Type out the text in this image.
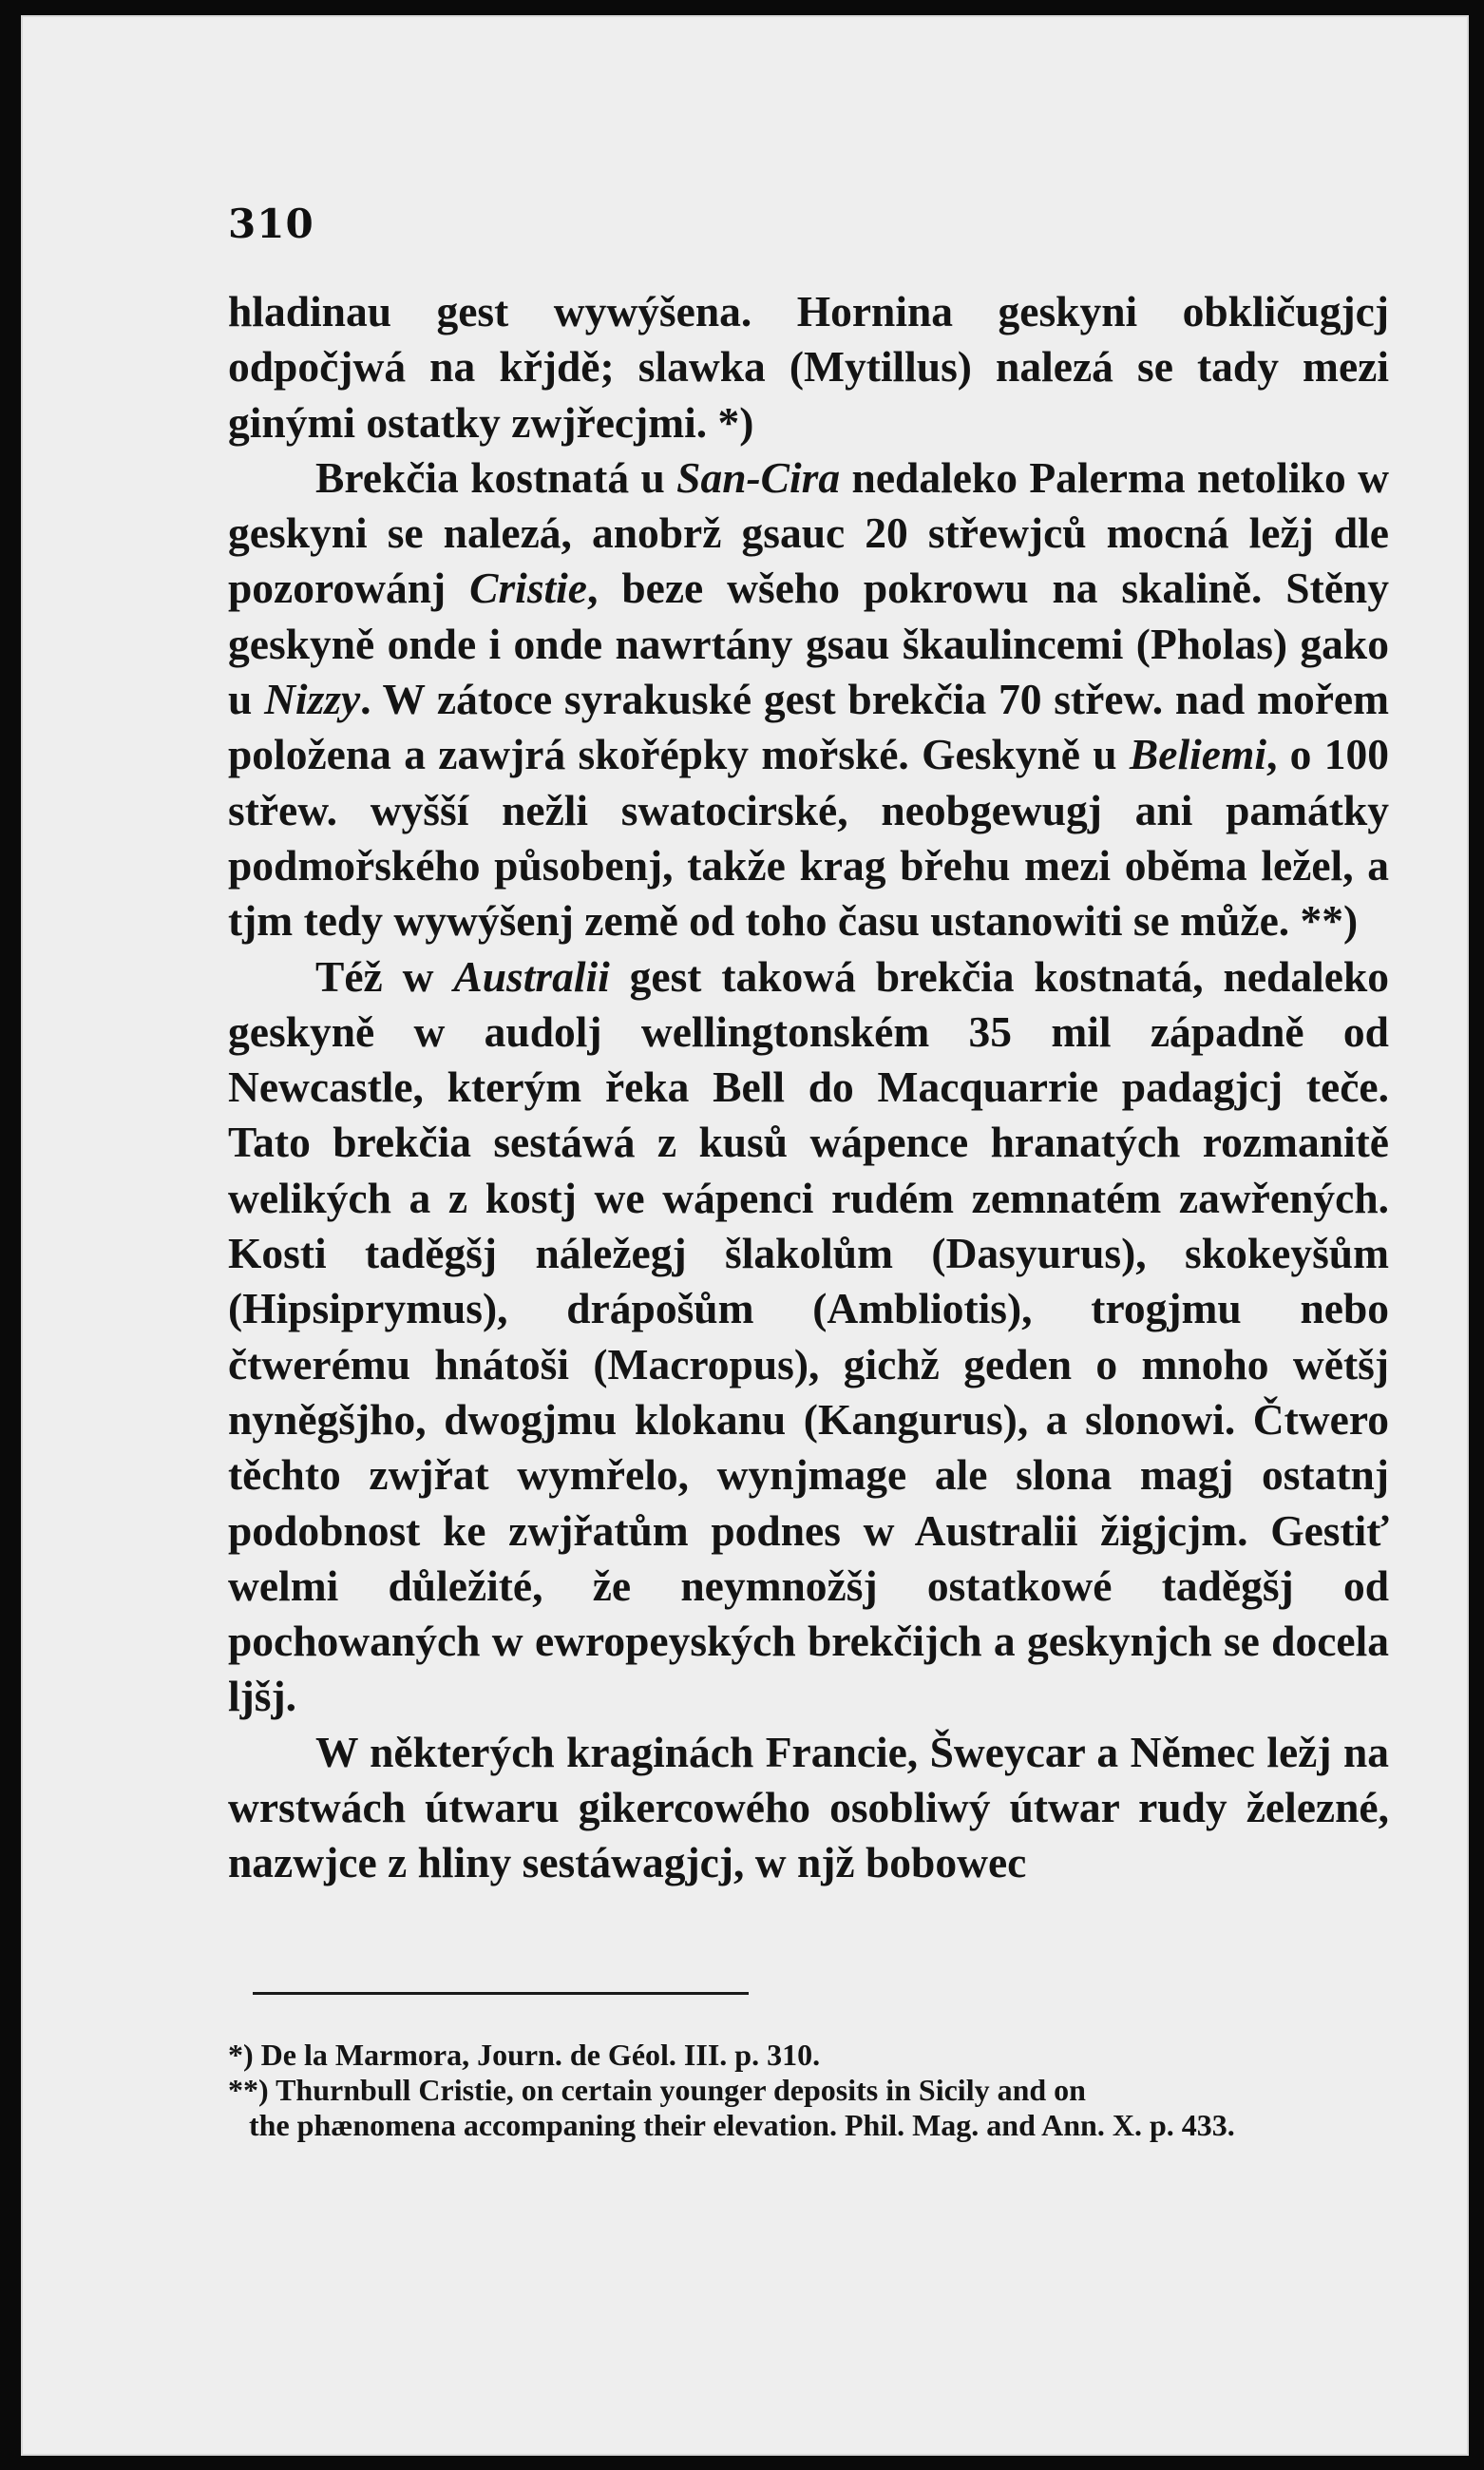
310

hladinau gest wywýšena. Hornina geskyni obkličugjcj odpočjwá na křjdě; slawka (Mytillus) nalezá se tady mezi ginými ostatky zwjřecjmi. *)

Brekčia kostnatá u San-Cira nedaleko Palerma netoliko w geskyni se nalezá, anobrž gsauc 20 střewjců mocná ležj dle pozorowánj Cristie, beze wšeho pokrowu na skalině. Stěny geskyně onde i onde nawrtány gsau škaulincemi (Pholas) gako u Nizzy. W zátoce syrakuské gest brekčia 70 střew. nad mořem položena a zawjrá skořépky mořské. Geskyně u Beliemi, o 100 střew. wyšší nežli swatocirské, neobgewugj ani památky podmořského působenj, takže krag břehu mezi oběma ležel, a tjm tedy wywýšenj země od toho času ustanowiti se může. **)

Též w Australii gest takowá brekčia kostnatá, nedaleko geskyně w audolj wellingtonském 35 mil západně od Newcastle, kterým řeka Bell do Macquarrie padagjcj teče. Tato brekčia sestáwá z kusů wápence hranatých rozmanitě welikých a z kostj we wápenci rudém zemnatém zawřených. Kosti taděgšj náležegj šlakolům (Dasyurus), skokeyšům (Hipsiprymus), drápošům (Ambliotis), trogjmu nebo čtwerému hnátoši (Macropus), gichž geden o mnoho wětšj nyněgšjho, dwogjmu klokanu (Kangurus), a slonowi. Čtwero těchto zwjřat wymřelo, wynjmage ale slona magj ostatnj podobnost ke zwjřatům podnes w Australii žigjcjm. Gestiť welmi důležité, že neymnožšj ostatkowé taděgšj od pochowaných w ewropeyských brekčijch a geskynjch se docela ljšj.

W některých kraginách Francie, Šweycar a Němec ležj na wrstwách útwaru gikercowého osobliwý útwar rudy železné, nazwjce z hliny sestáwagjcj, w njž bobowec

*) De la Marmora, Journ. de Géol. III. p. 310.

**) Thurnbull Cristie, on certain younger deposits in Sicily and on

the phænomena accompaning their elevation. Phil. Mag. and Ann. X. p. 433.
